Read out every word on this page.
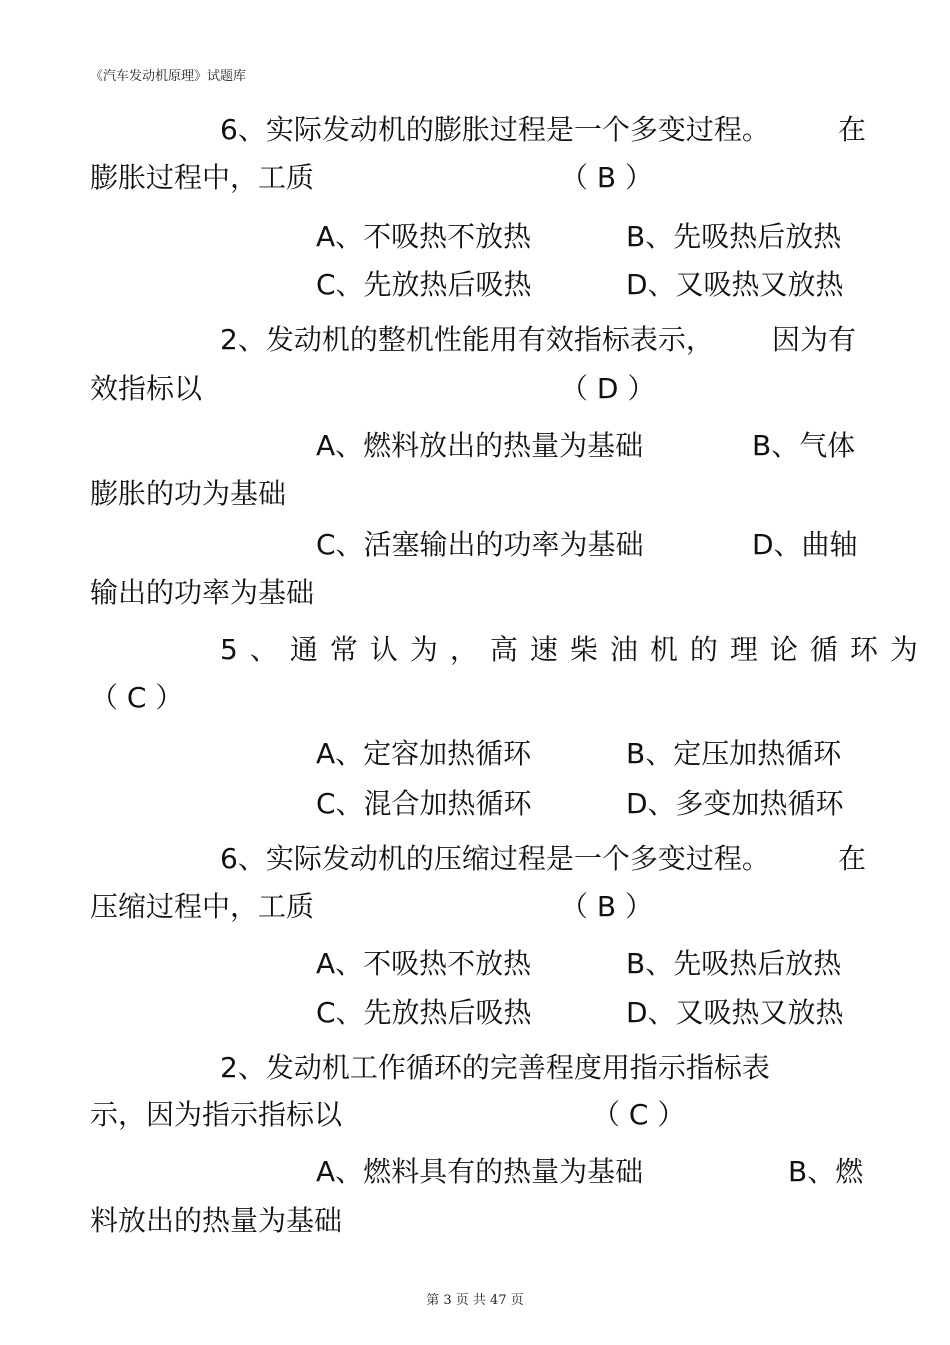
《汽车发动机原理》试题库
6、实际发动机的膨胀过程是一个多变过程。 在
膨胀过程中，工质	（ B ）
A、不吸热不放热	B、先吸热后放热
C、先放热后吸热	D、又吸热又放热
2、发动机的整机性能用有效指标表示， 因为有
效指标以	（ D ）
A、燃料放出的热量为基础	B、气体
膨胀的功为基础
C、活塞输出的功率为基础	D、曲轴
输出的功率为基础
5、通常认为，高速柴油机的理论循环为
（ C ）
A、定容加热循环	B、定压加热循环
C、混合加热循环	D、多变加热循环
6、实际发动机的压缩过程是一个多变过程。 在
压缩过程中，工质	（ B ）
A、不吸热不放热	B、先吸热后放热
C、先放热后吸热	D、又吸热又放热
2、发动机工作循环的完善程度用指示指标表
示，因为指示指标以	（ C ）
A、燃料具有的热量为基础	B、燃
料放出的热量为基础
第 3 页 共 47 页
